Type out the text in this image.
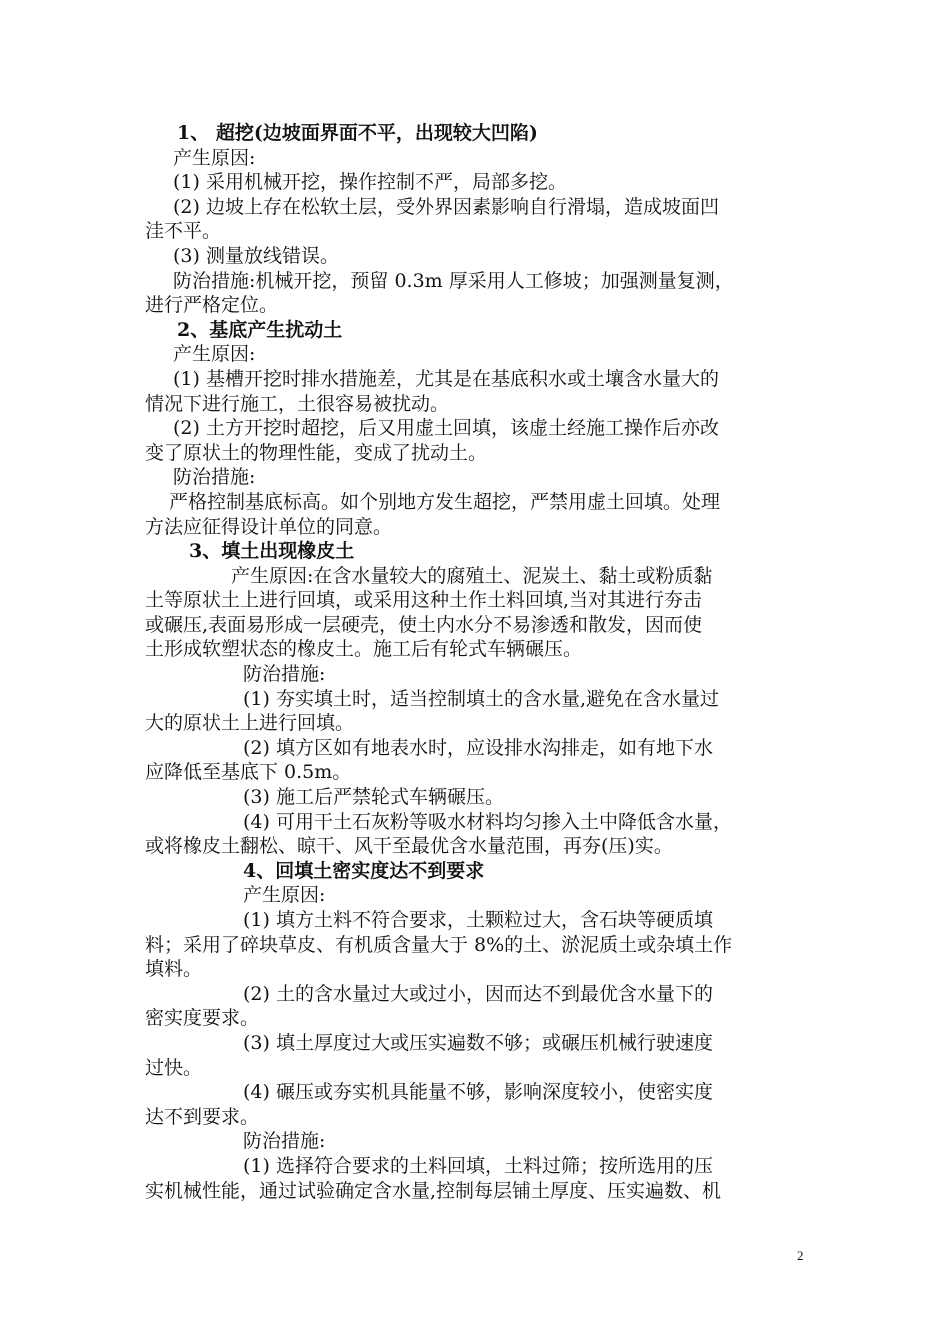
1、 超挖(边坡面界面不平，出现较大凹陷)

产生原因:

(1) 采用机械开挖，操作控制不严，局部多挖。

(2) 边坡上存在松软土层，受外界因素影响自行滑塌，造成坡面凹

洼不平。

(3) 测量放线错误。

防治措施:机械开挖，预留 0.3m 厚采用人工修坡；加强测量复测，

进行严格定位。

2、基底产生扰动土

产生原因:

(1) 基槽开挖时排水措施差，尤其是在基底积水或土壤含水量大的

情况下进行施工，土很容易被扰动。

(2) 土方开挖时超挖，后又用虚土回填，该虚土经施工操作后亦改

变了原状土的物理性能，变成了扰动土。

防治措施:

严格控制基底标高。如个别地方发生超挖，严禁用虚土回填。处理

方法应征得设计单位的同意。

3、填土出现橡皮土

产生原因:在含水量较大的腐殖土、泥炭土、黏土或粉质黏

土等原状土上进行回填，或采用这种土作土料回填,当对其进行夯击

或碾压,表面易形成一层硬壳，使土内水分不易渗透和散发，因而使

土形成软塑状态的橡皮土。施工后有轮式车辆碾压。

防治措施:

(1) 夯实填土时，适当控制填土的含水量,避免在含水量过

大的原状土上进行回填。

(2) 填方区如有地表水时，应设排水沟排走，如有地下水

应降低至基底下 0.5m。

(3) 施工后严禁轮式车辆碾压。

(4) 可用干土石灰粉等吸水材料均匀掺入土中降低含水量，

或将橡皮土翻松、晾干、风干至最优含水量范围，再夯(压)实。

4、回填土密实度达不到要求

产生原因:

(1) 填方土料不符合要求，土颗粒过大，含石块等硬质填

料；采用了碎块草皮、有机质含量大于 8%的土、淤泥质土或杂填土作

填料。

(2) 土的含水量过大或过小，因而达不到最优含水量下的

密实度要求。

(3) 填土厚度过大或压实遍数不够；或碾压机械行驶速度

过快。

(4) 碾压或夯实机具能量不够，影响深度较小，使密实度

达不到要求。

防治措施:

(1) 选择符合要求的土料回填，土料过筛；按所选用的压

实机械性能，通过试验确定含水量,控制每层铺土厚度、压实遍数、机

2
